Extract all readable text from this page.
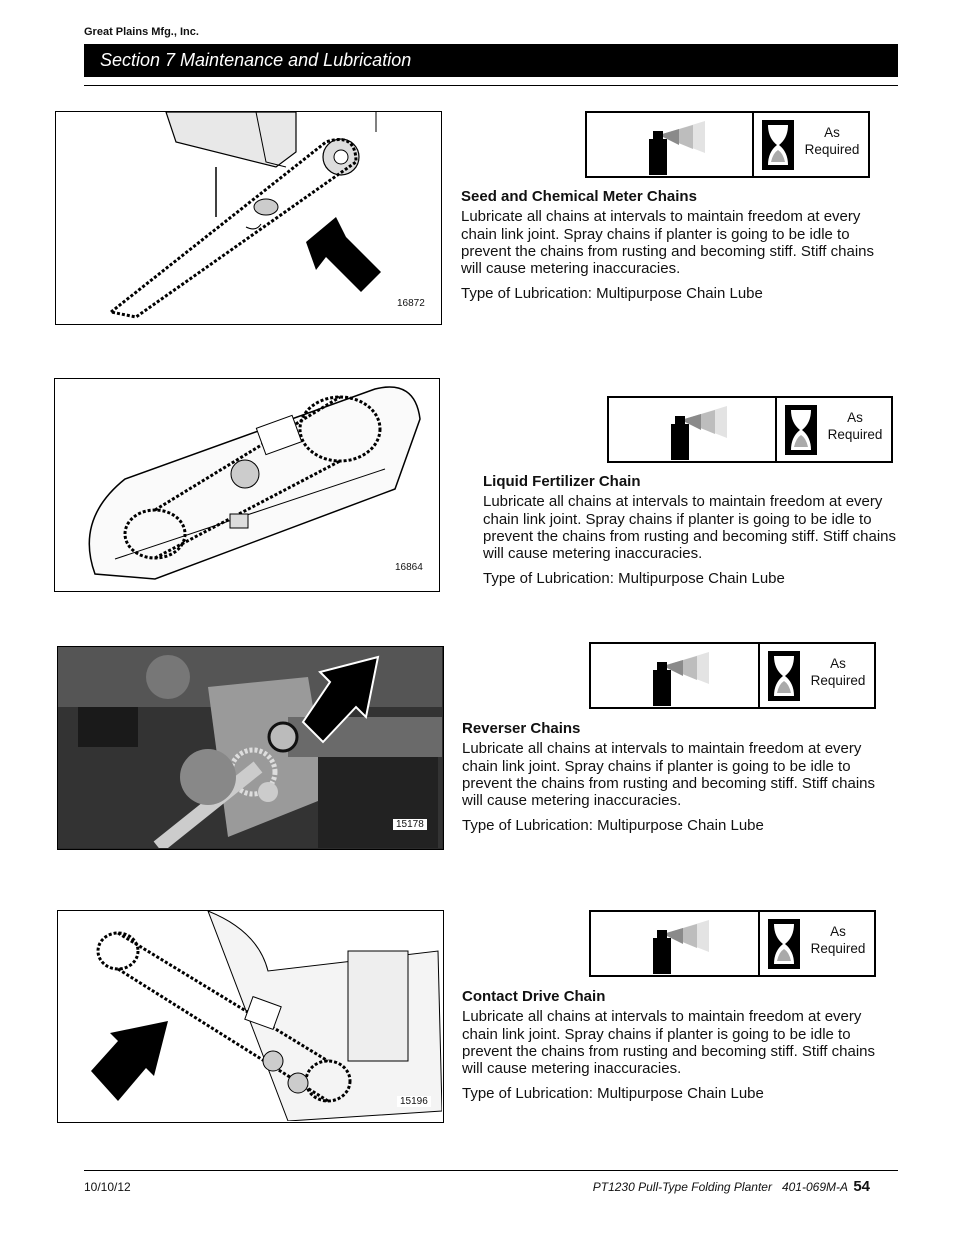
Great Plains Mfg., Inc.
Section 7 Maintenance and Lubrication
16872
As
Required
Seed and Chemical Meter Chains

Lubricate all chains at intervals to maintain freedom at every chain link joint. Spray chains if planter is going to be idle to prevent the chains from rusting and becoming stiff. Stiff chains will cause metering inaccuracies.

Type of Lubrication: Multipurpose Chain Lube

16864
As
Required
Liquid Fertilizer Chain

Lubricate all chains at intervals to maintain freedom at every chain link joint. Spray chains if planter is going to be idle to prevent the chains from rusting and becoming stiff. Stiff chains will cause metering inaccuracies.

Type of Lubrication: Multipurpose Chain Lube

15178
As
Required
Reverser Chains

Lubricate all chains at intervals to maintain freedom at every chain link joint. Spray chains if planter is going to be idle to prevent the chains from rusting and becoming stiff. Stiff chains will cause metering inaccuracies.

Type of Lubrication: Multipurpose Chain Lube

15196
As
Required
Contact Drive Chain

Lubricate all chains at intervals to maintain freedom at every chain link joint. Spray chains if planter is going to be idle to prevent the chains from rusting and becoming stiff. Stiff chains will cause metering inaccuracies.

Type of Lubrication: Multipurpose Chain Lube

10/10/12	PT1230 Pull-Type Folding Planter   401-069M-A 54
